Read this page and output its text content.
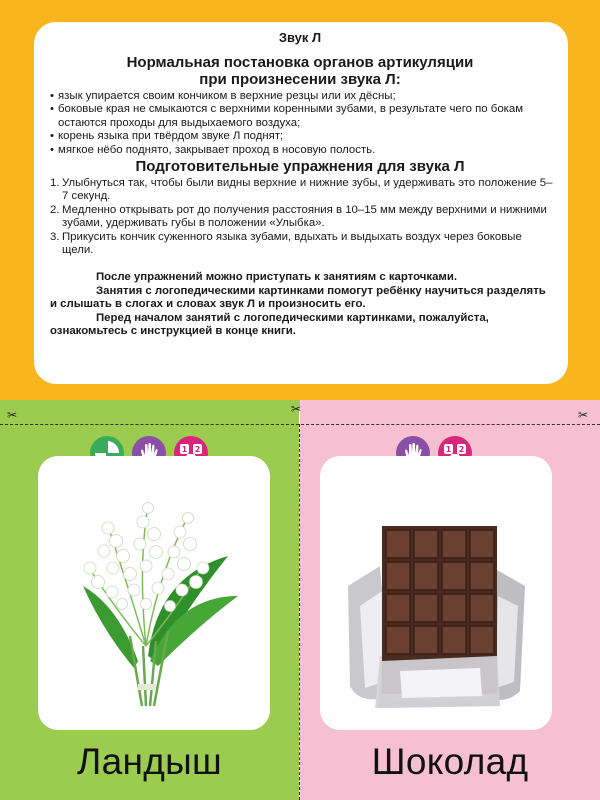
Звук Л
Нормальная постановка органов артикуляции
при произнесении звука Л:
• язык упирается своим кончиком в верхние резцы или их дёсны;
• боковые края не смыкаются с верхними коренными зубами, в результате чего по бокам остаются проходы для выдыхаемого воздуха;
• корень языка при твёрдом звуке Л поднят;
• мягкое нёбо поднято, закрывает проход в носовую полость.
Подготовительные упражнения для звука Л
1. Улыбнуться так, чтобы были видны верхние и нижние зубы, и удерживать это положение 5–7 секунд.
2. Медленно открывать рот до получения расстояния в 10–15 мм между верхними и нижними зубами, удерживать губы в положении «Улыбка».
3. Прикусить кончик суженного языка зубами, вдыхать и выдыхать воздух через боковые щели.

После упражнений можно приступать к занятиям с карточками.

Занятия с логопедическими картинками помогут ребёнку научиться разделять и слышать в слогах и словах звук Л и произносить его.

Перед началом занятий с логопедическими картинками, пожалуйста, ознакомьтесь с инструкцией в конце книги.

1 2
Ландыш
1 2
Шоколад
✂	✂	✂
